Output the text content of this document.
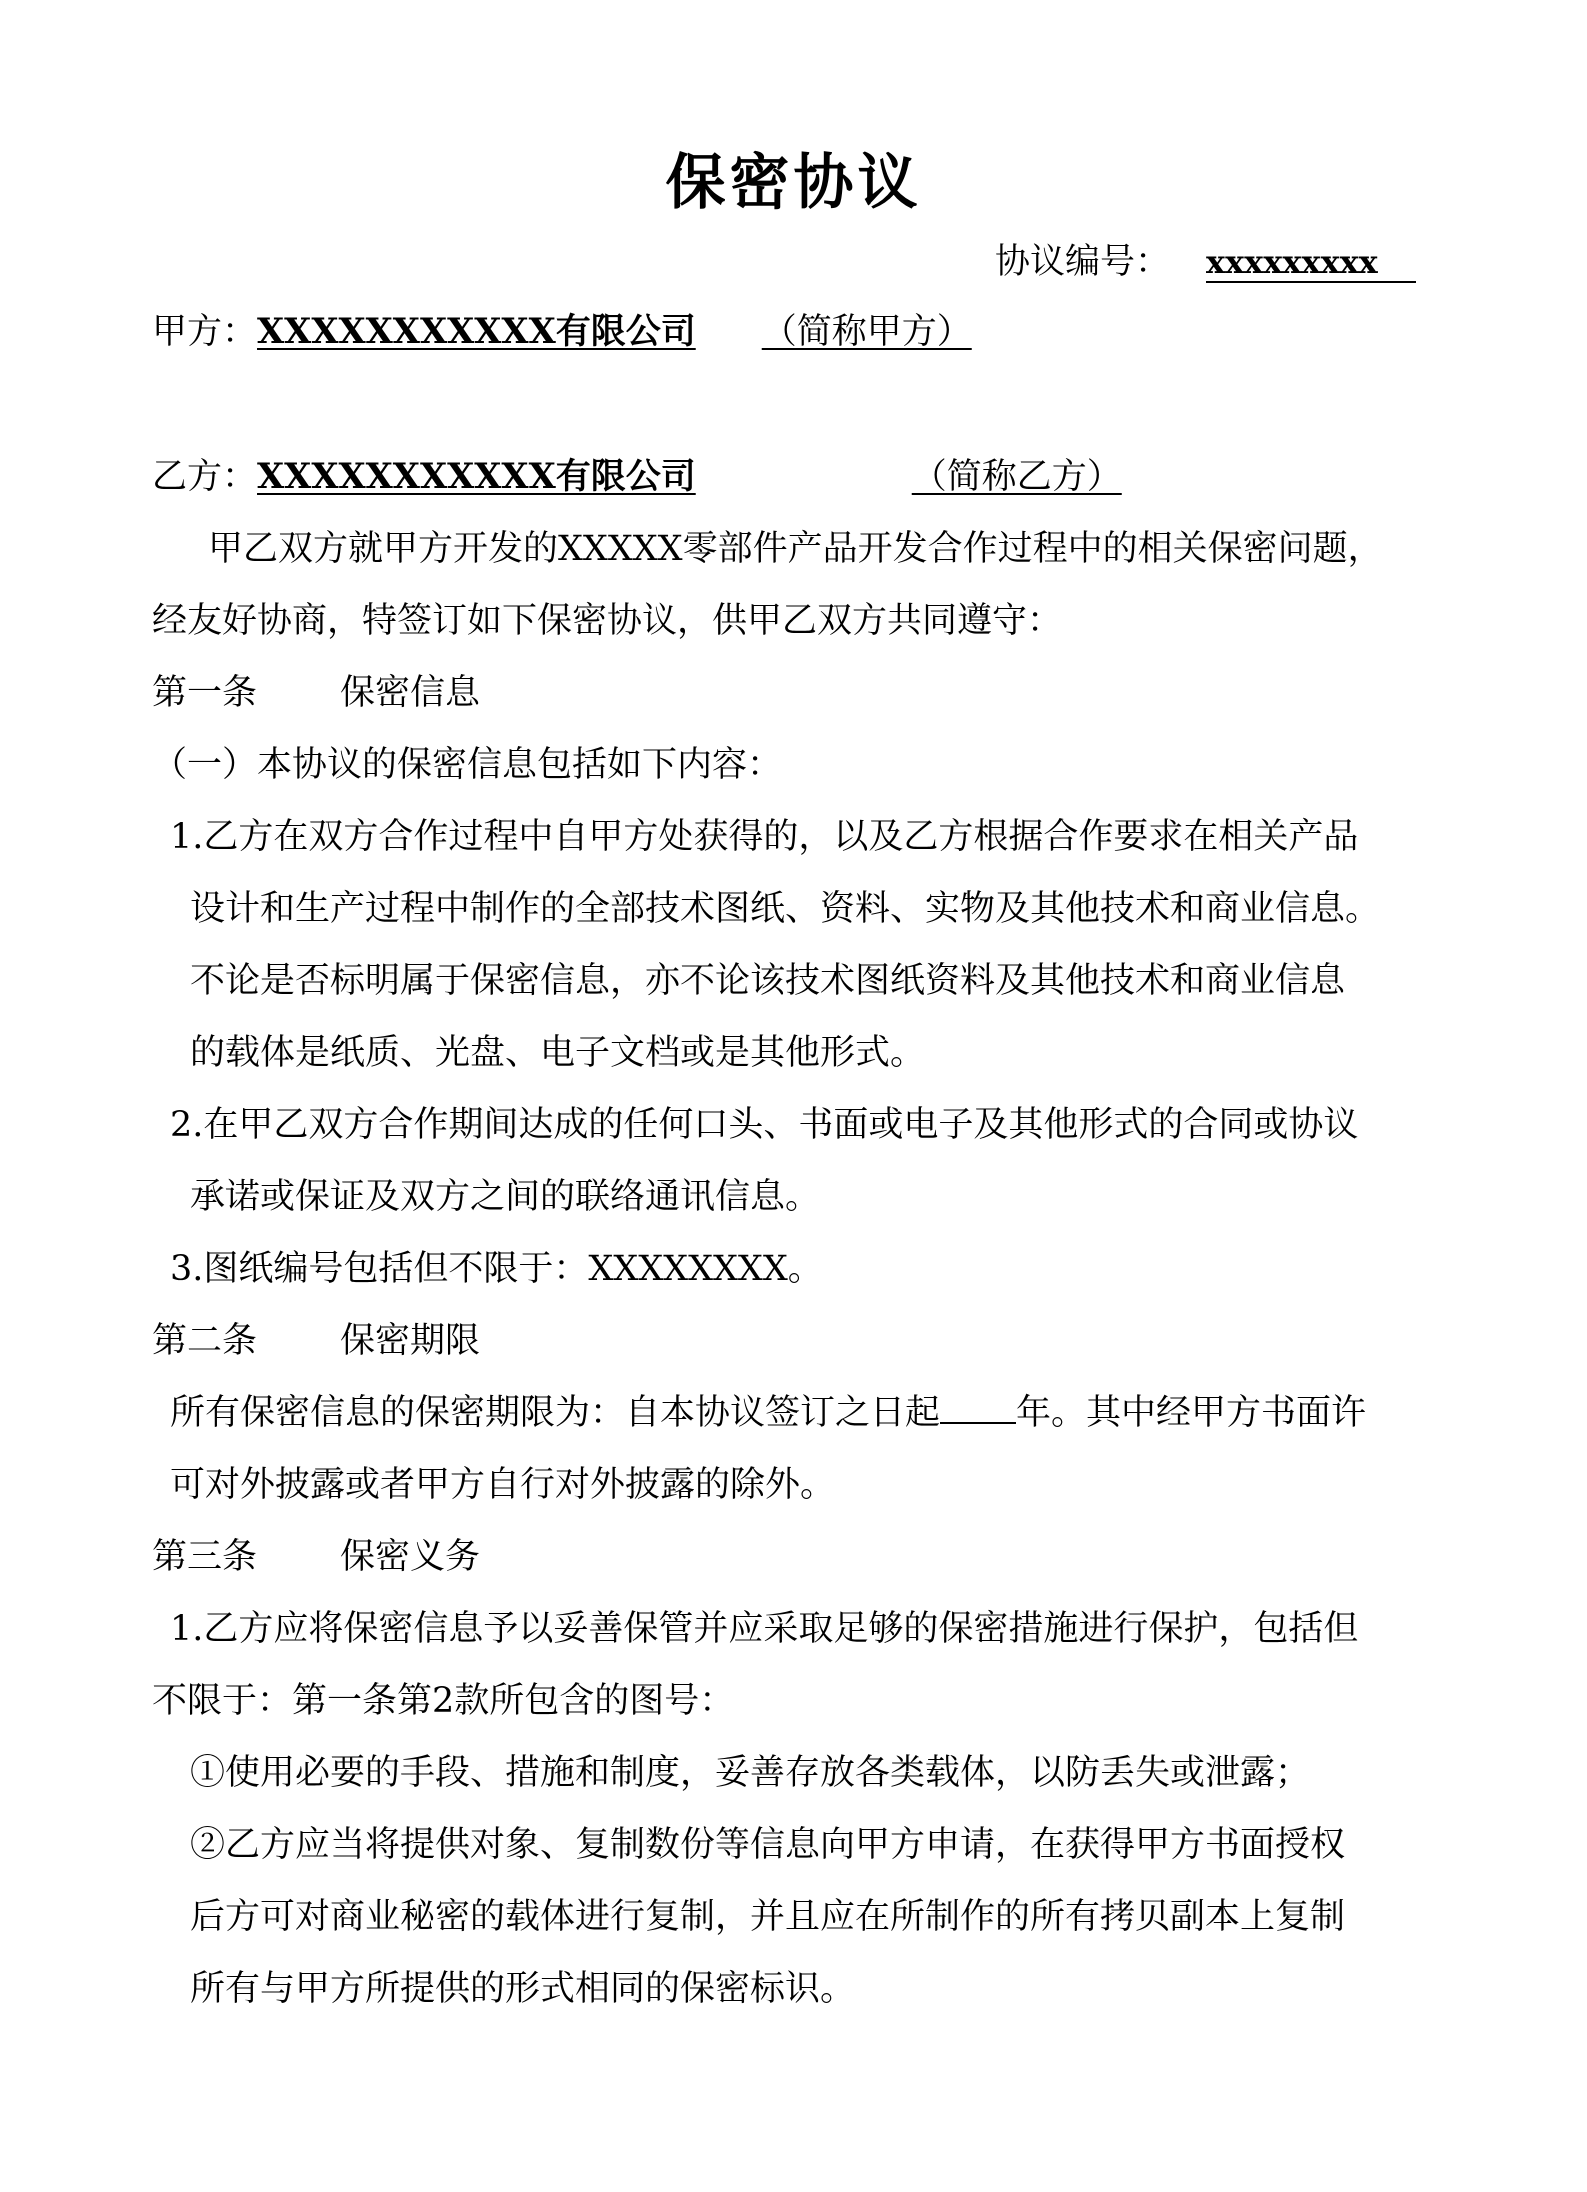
保密协议
协议编号： xxxxxxxxx
甲方：XXXXXXXXXXX有限公司 （简称甲方）
乙方：XXXXXXXXXXX有限公司	（简称乙方）
甲乙双方就甲方开发的XXXXX零部件产品开发合作过程中的相关保密问题，
经友好协商，特签订如下保密协议，供甲乙双方共同遵守：
第一条 保密信息
（一）本协议的保密信息包括如下内容：
1.乙方在双方合作过程中自甲方处获得的，以及乙方根据合作要求在相关产品
设计和生产过程中制作的全部技术图纸、资料、实物及其他技术和商业信息。
不论是否标明属于保密信息，亦不论该技术图纸资料及其他技术和商业信息
的载体是纸质、光盘、电子文档或是其他形式。
2.在甲乙双方合作期间达成的任何口头、书面或电子及其他形式的合同或协议
承诺或保证及双方之间的联络通讯信息。
3.图纸编号包括但不限于：XXXXXXXX。
第二条 保密期限
所有保密信息的保密期限为：自本协议签订之日起 年。其中经甲方书面许
可对外披露或者甲方自行对外披露的除外。
第三条 保密义务
1.乙方应将保密信息予以妥善保管并应采取足够的保密措施进行保护，包括但
不限于：第一条第2款所包含的图号：
①使用必要的手段、措施和制度，妥善存放各类载体，以防丢失或泄露；
②乙方应当将提供对象、复制数份等信息向甲方申请，在获得甲方书面授权
后方可对商业秘密的载体进行复制，并且应在所制作的所有拷贝副本上复制
所有与甲方所提供的形式相同的保密标识。
